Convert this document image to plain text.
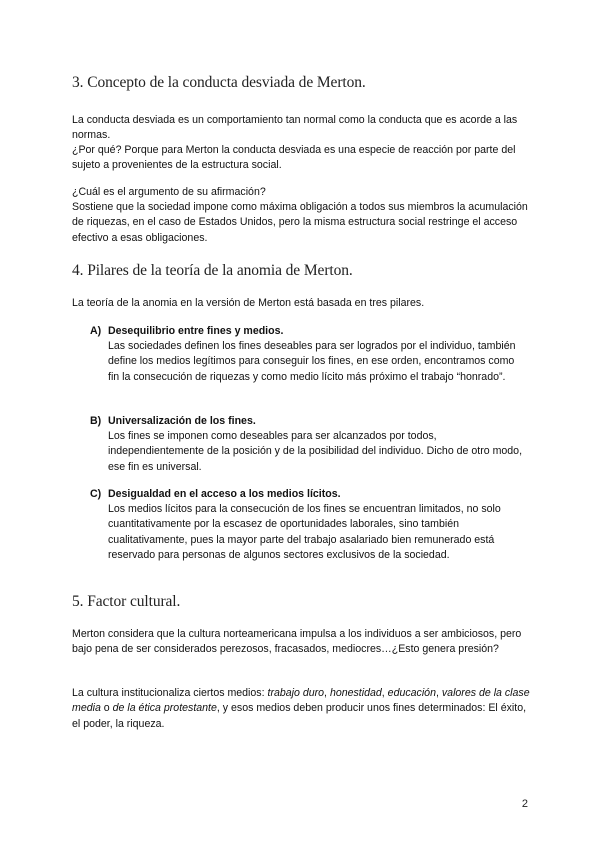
3. Concepto de la conducta desviada de Merton.

La conducta desviada es un comportamiento tan normal como la conducta que es acorde a las normas.

¿Por qué? Porque para Merton la conducta desviada es una especie de reacción por parte del sujeto a provenientes de la estructura social.

¿Cuál es el argumento de su afirmación?

Sostiene que la sociedad impone como máxima obligación a todos sus miembros la acumulación de riquezas, en el caso de Estados Unidos, pero la misma estructura social restringe el acceso efectivo a esas obligaciones.

4. Pilares de la teoría de la anomia de Merton.

La teoría de la anomia en la versión de Merton está basada en tres pilares.

A) Desequilibrio entre fines y medios.

Las sociedades definen los fines deseables para ser logrados por el individuo, también define los medios legítimos para conseguir los fines, en ese orden, encontramos como fin la consecución de riquezas y como medio lícito más próximo el trabajo “honrado”.

B) Universalización de los fines.

Los fines se imponen como deseables para ser alcanzados por todos, independientemente de la posición y de la posibilidad del individuo. Dicho de otro modo, ese fin es universal.

C) Desigualdad en el acceso a los medios lícitos.

Los medios lícitos para la consecución de los fines se encuentran limitados, no solo cuantitativamente por la escasez de oportunidades laborales, sino también cualitativamente, pues la mayor parte del trabajo asalariado bien remunerado está reservado para personas de algunos sectores exclusivos de la sociedad.

5. Factor cultural.

Merton considera que la cultura norteamericana impulsa a los individuos a ser ambiciosos, pero bajo pena de ser considerados perezosos, fracasados, mediocres…¿Esto genera presión?

La cultura institucionaliza ciertos medios: trabajo duro, honestidad, educación, valores de la clase media o de la ética protestante, y esos medios deben producir unos fines determinados: El éxito, el poder, la riqueza.

2
